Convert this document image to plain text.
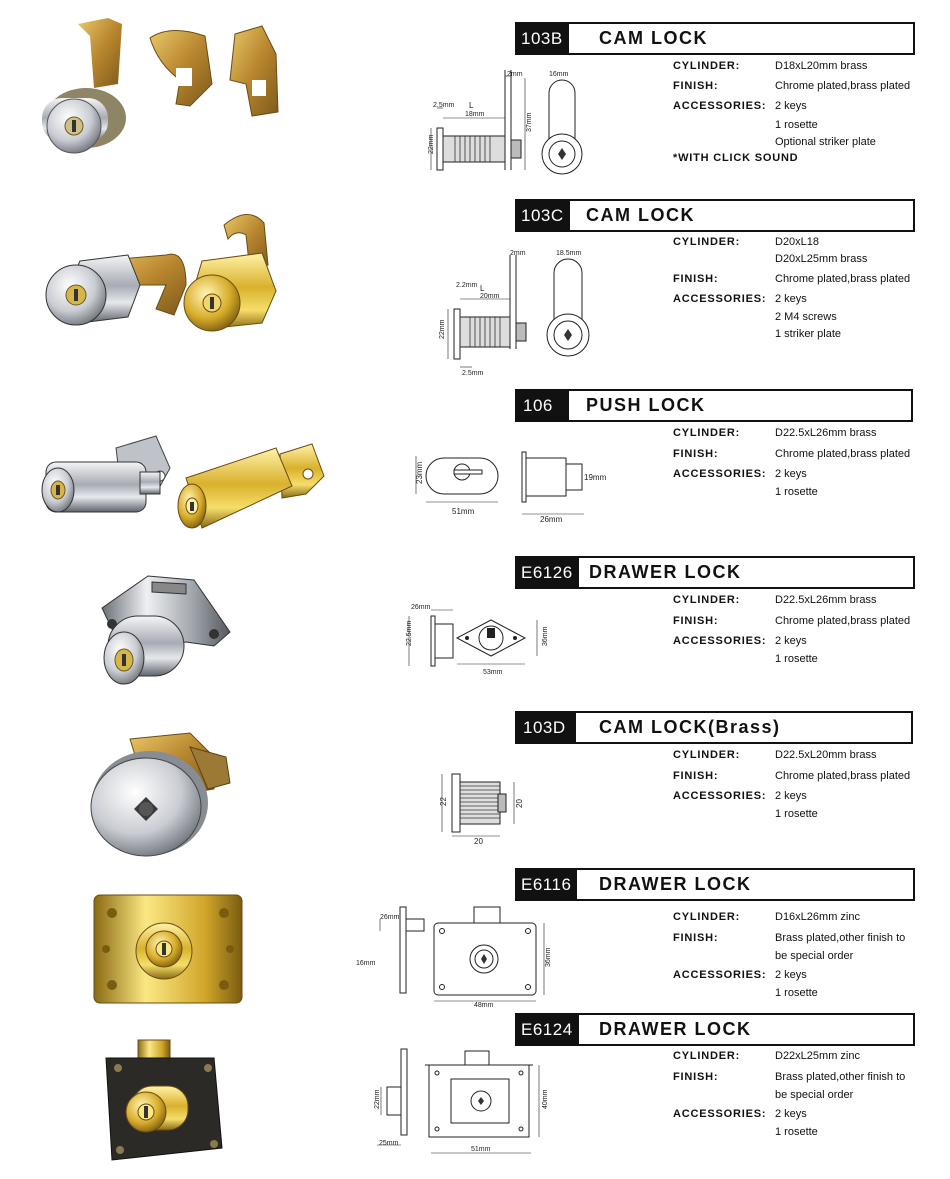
2mm	16mm
2.5mm L
18mm
22mm
37mm
103B	CAM LOCK
CYLINDER:	D18xL20mm brass
FINISH:	Chrome plated,brass plated
ACCESSORIES: 2 keys
1 rosette
Optional striker plate
*WITH CLICK SOUND
2mm	18.5mm
2.2mm L
20mm
22mm
2.5mm
103C	CAM LOCK
CYLINDER:	D20xL18
D20xL25mm brass
FINISH:	Chrome plated,brass plated
ACCESSORIES: 2 keys
2 M4 screws
1 striker plate
23mm
51mm
19mm
26mm
106	PUSH LOCK
CYLINDER:	D22.5xL26mm brass
FINISH:	Chrome plated,brass plated
ACCESSORIES: 2 keys
1 rosette
26mm
22.5mm
53mm
36mm
E6126 DRAWER LOCK
CYLINDER:	D22.5xL26mm brass
FINISH:	Chrome plated,brass plated
ACCESSORIES: 2 keys
1 rosette
22	20
20
103D	CAM LOCK(Brass)
CYLINDER:	D22.5xL20mm brass
FINISH:	Chrome plated,brass plated
ACCESSORIES: 2 keys
1 rosette
26mm
16mm
48mm
36mm
E6116	DRAWER LOCK
CYLINDER:	D16xL26mm zinc
FINISH:	Brass plated,other finish to
be special order
ACCESSORIES: 2 keys
1 rosette
22mm
25mm
40mm
51mm
E6124	DRAWER LOCK
CYLINDER:	D22xL25mm zinc
FINISH:	Brass plated,other finish to
be special order
ACCESSORIES: 2 keys
1 rosette
